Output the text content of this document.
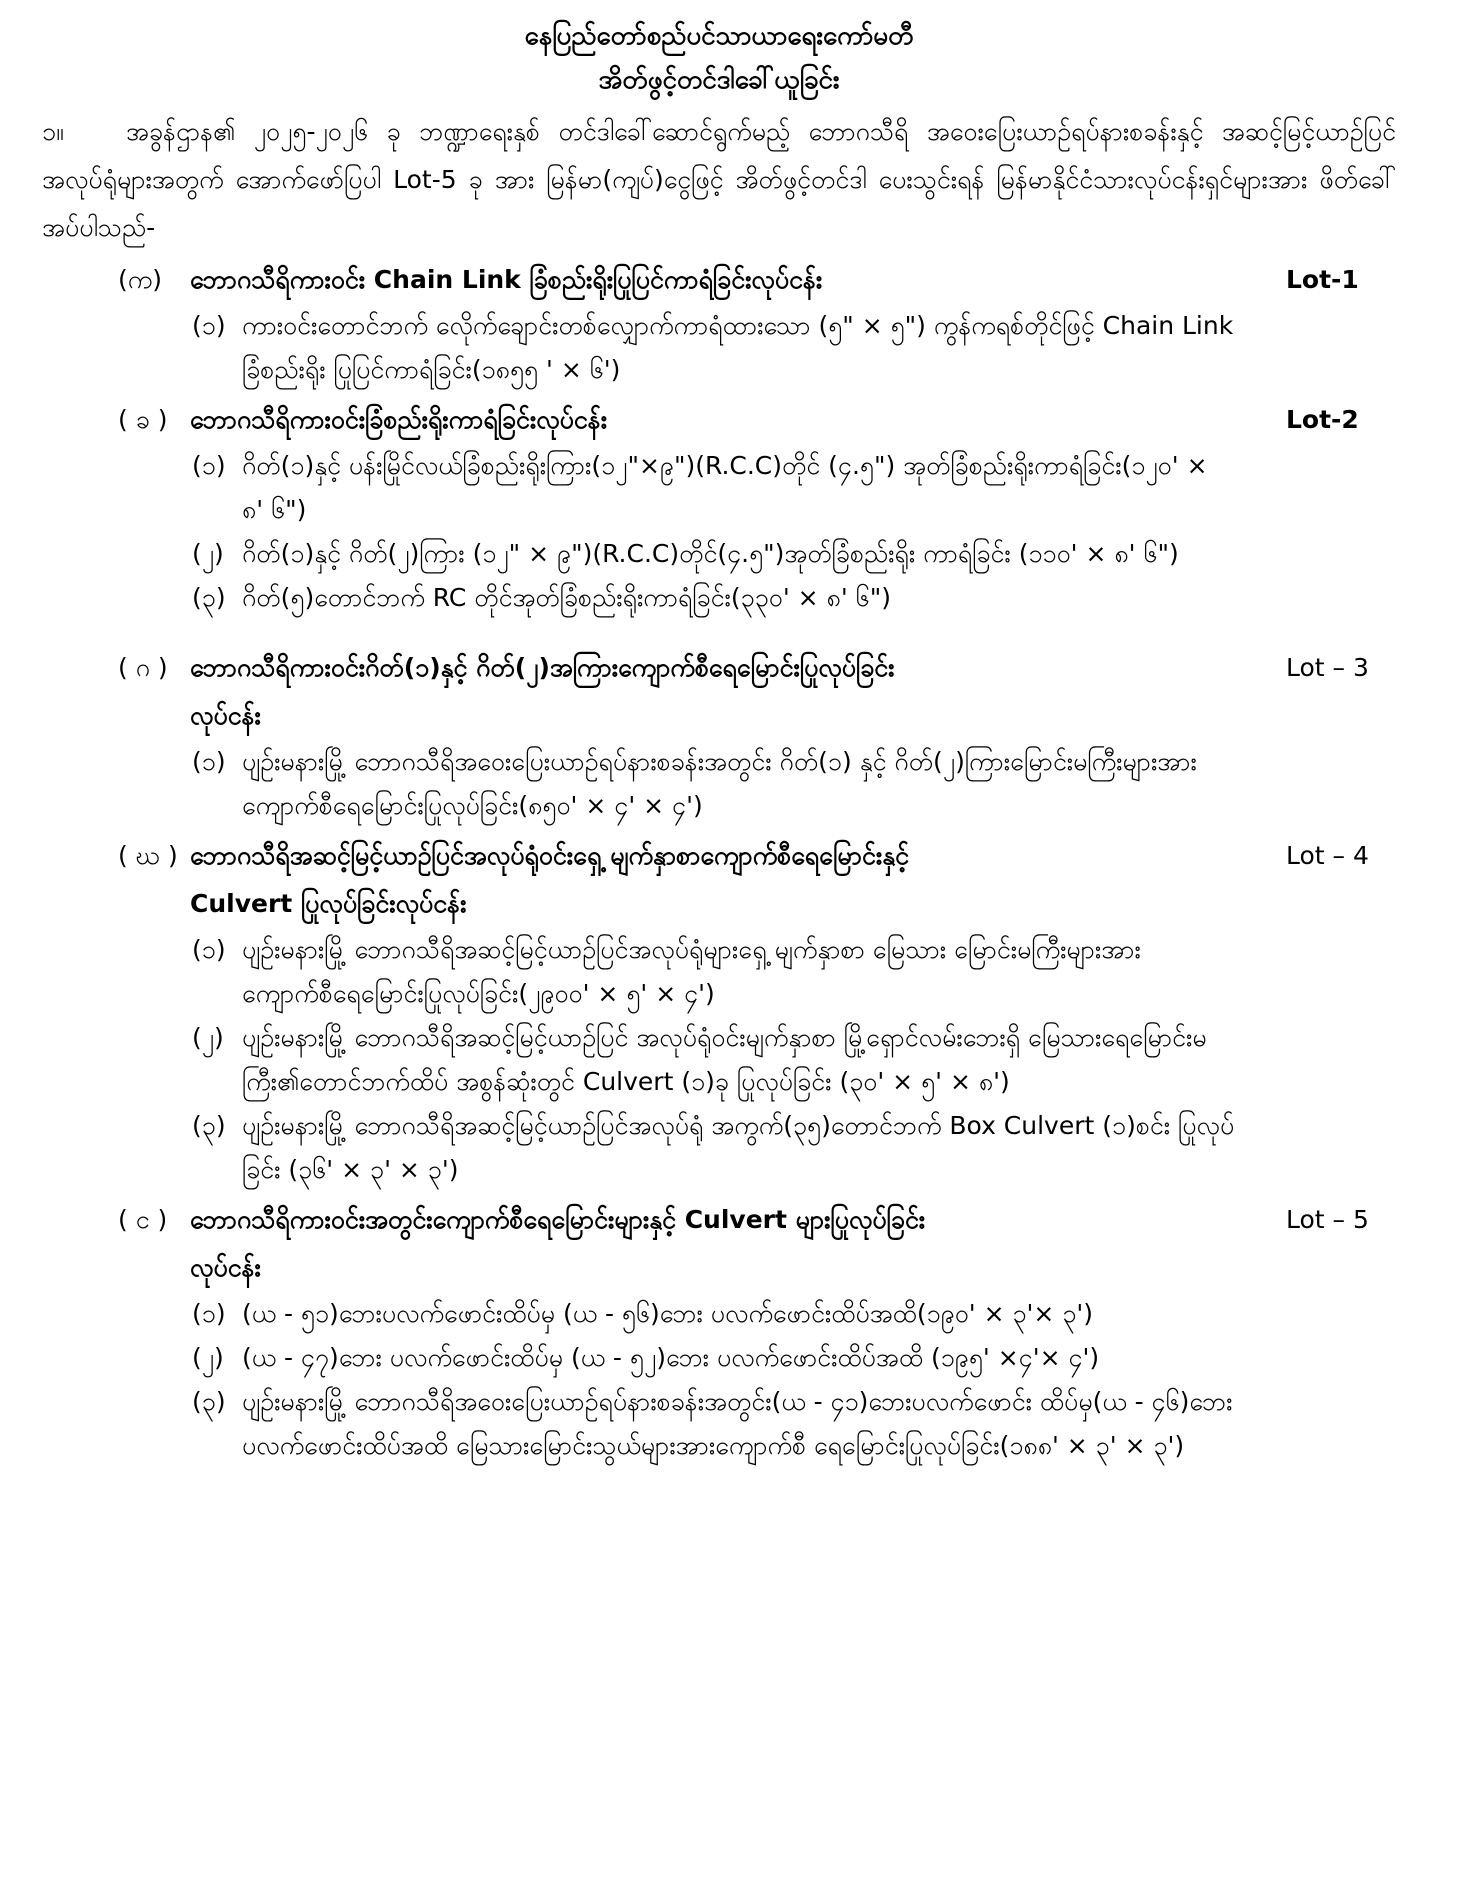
နေပြည်တော်စည်ပင်သာယာရေးကော်မတီ
အိတ်ဖွင့်တင်ဒါခေါ်ယူခြင်း
၁။ အခွန်ဌာန၏ ၂၀၂၅-၂၀၂၆ ခု ဘဏ္ဍာရေးနှစ် တင်ဒါခေါ်ဆောင်ရွက်မည့် ဘောဂသီရိ အဝေးပြေးယာဉ်ရပ်နားစခန်းနှင့် အဆင့်မြင့်ယာဉ်ပြင်အလုပ်ရုံများအတွက် အောက်ဖော်ပြပါ Lot-5 ခု အား မြန်မာ(ကျပ်)ငွေဖြင့် အိတ်ဖွင့်တင်ဒါ ပေးသွင်းရန် မြန်မာနိုင်ငံသားလုပ်ငန်းရှင်များအား ဖိတ်ခေါ်အပ်ပါသည်-
(က)	ဘောဂသီရိကားဝင်း Chain Link ခြံစည်းရိုးပြုပြင်ကာရံခြင်းလုပ်ငန်း	Lot-1
(၁) ကားဝင်းတောင်ဘက် လေိုက်ချောင်းတစ်လျှောက်ကာရံထားသော (၅" × ၅") ကွန်ကရစ်တိုင်ဖြင့် Chain Link ခြံစည်းရိုး ပြုပြင်ကာရံခြင်း(၁၈၅၅ ' × ၆')
( ခ ) ဘောဂသီရိကားဝင်းခြံစည်းရိုးကာရံခြင်းလုပ်ငန်း	Lot-2
(၁) ဂိတ်(၁)နှင့် ပန်းမြိုင်လယ်ခြံစည်းရိုးကြား(၁၂"×၉")(R.C.C)တိုင် (၄.၅") အုတ်ခြံစည်းရိုးကာရံခြင်း(၁၂၀' × ၈' ၆")
(၂) ဂိတ်(၁)နှင့် ဂိတ်(၂)ကြား (၁၂" × ၉")(R.C.C)တိုင်(၄.၅")အုတ်ခြံစည်းရိုး ကာရံခြင်း (၁၁၀' × ၈' ၆")
(၃) ဂိတ်(၅)တောင်ဘက် RC တိုင်အုတ်ခြံစည်းရိုးကာရံခြင်း(၃၃၀' × ၈' ၆")
( ဂ ) ဘောဂသီရိကားဝင်းဂိတ်(၁)နှင့် ဂိတ်(၂)အကြားကျောက်စီရေမြောင်းပြုလုပ်ခြင်း
လုပ်ငန်း
Lot – 3
(၁) ပျဉ်းမနားမြို့ ဘောဂသီရိအဝေးပြေးယာဉ်ရပ်နားစခန်းအတွင်း ဂိတ်(၁) နှင့် ဂိတ်(၂)ကြားမြောင်းမကြီးများအား ကျောက်စီရေမြောင်းပြုလုပ်ခြင်း(၈၅၀' × ၄' × ၄')
( ဃ ) ဘောဂသီရိအဆင့်မြင့်ယာဉ်ပြင်အလုပ်ရုံဝင်းရှေ့ မျက်နှာစာကျောက်စီရေမြောင်းနှင့်
Culvert ပြုလုပ်ခြင်းလုပ်ငန်း
Lot – 4
(၁) ပျဉ်းမနားမြို့ ဘောဂသီရိအဆင့်မြင့်ယာဉ်ပြင်အလုပ်ရုံများရှေ့ မျက်နှာစာ မြေသား မြောင်းမကြီးများအား ကျောက်စီရေမြောင်းပြုလုပ်ခြင်း(၂၉၀၀' × ၅' × ၄')
(၂) ပျဉ်းမနားမြို့ ဘောဂသီရိအဆင့်မြင့်ယာဉ်ပြင် အလုပ်ရုံဝင်းမျက်နှာစာ မြို့ရှောင်လမ်းဘေးရှိ မြေသားရေမြောင်းမကြီး၏တောင်ဘက်ထိပ် အစွန်ဆုံးတွင် Culvert (၁)ခု ပြုလုပ်ခြင်း (၃၀' × ၅' × ၈')
(၃) ပျဉ်းမနားမြို့ ဘောဂသီရိအဆင့်မြင့်ယာဉ်ပြင်အလုပ်ရုံ အကွက်(၃၅)တောင်ဘက် Box Culvert (၁)စင်း ပြုလုပ်ခြင်း (၃၆' × ၃' × ၃')
( င ) ဘောဂသီရိကားဝင်းအတွင်းကျောက်စီရေမြောင်းများနှင့် Culvert များပြုလုပ်ခြင်း
လုပ်ငန်း
Lot – 5
(၁) (ယ - ၅၁)ဘေးပလက်ဖောင်းထိပ်မှ (ယ - ၅၆)ဘေး ပလက်ဖောင်းထိပ်အထိ(၁၉၀' × ၃'× ၃')
(၂) (ယ - ၄၇)ဘေး ပလက်ဖောင်းထိပ်မှ (ယ - ၅၂)ဘေး ပလက်ဖောင်းထိပ်အထိ (၁၉၅' ×၄'× ၄')
(၃) ပျဉ်းမနားမြို့ ဘောဂသီရိအဝေးပြေးယာဉ်ရပ်နားစခန်းအတွင်း(ယ - ၄၁)ဘေးပလက်ဖောင်း ထိပ်မှ(ယ - ၄၆)ဘေး ပလက်ဖောင်းထိပ်အထိ မြေသားမြောင်းသွယ်များအားကျောက်စီ ရေမြောင်းပြုလုပ်ခြင်း(၁၈၈' × ၃' × ၃')
